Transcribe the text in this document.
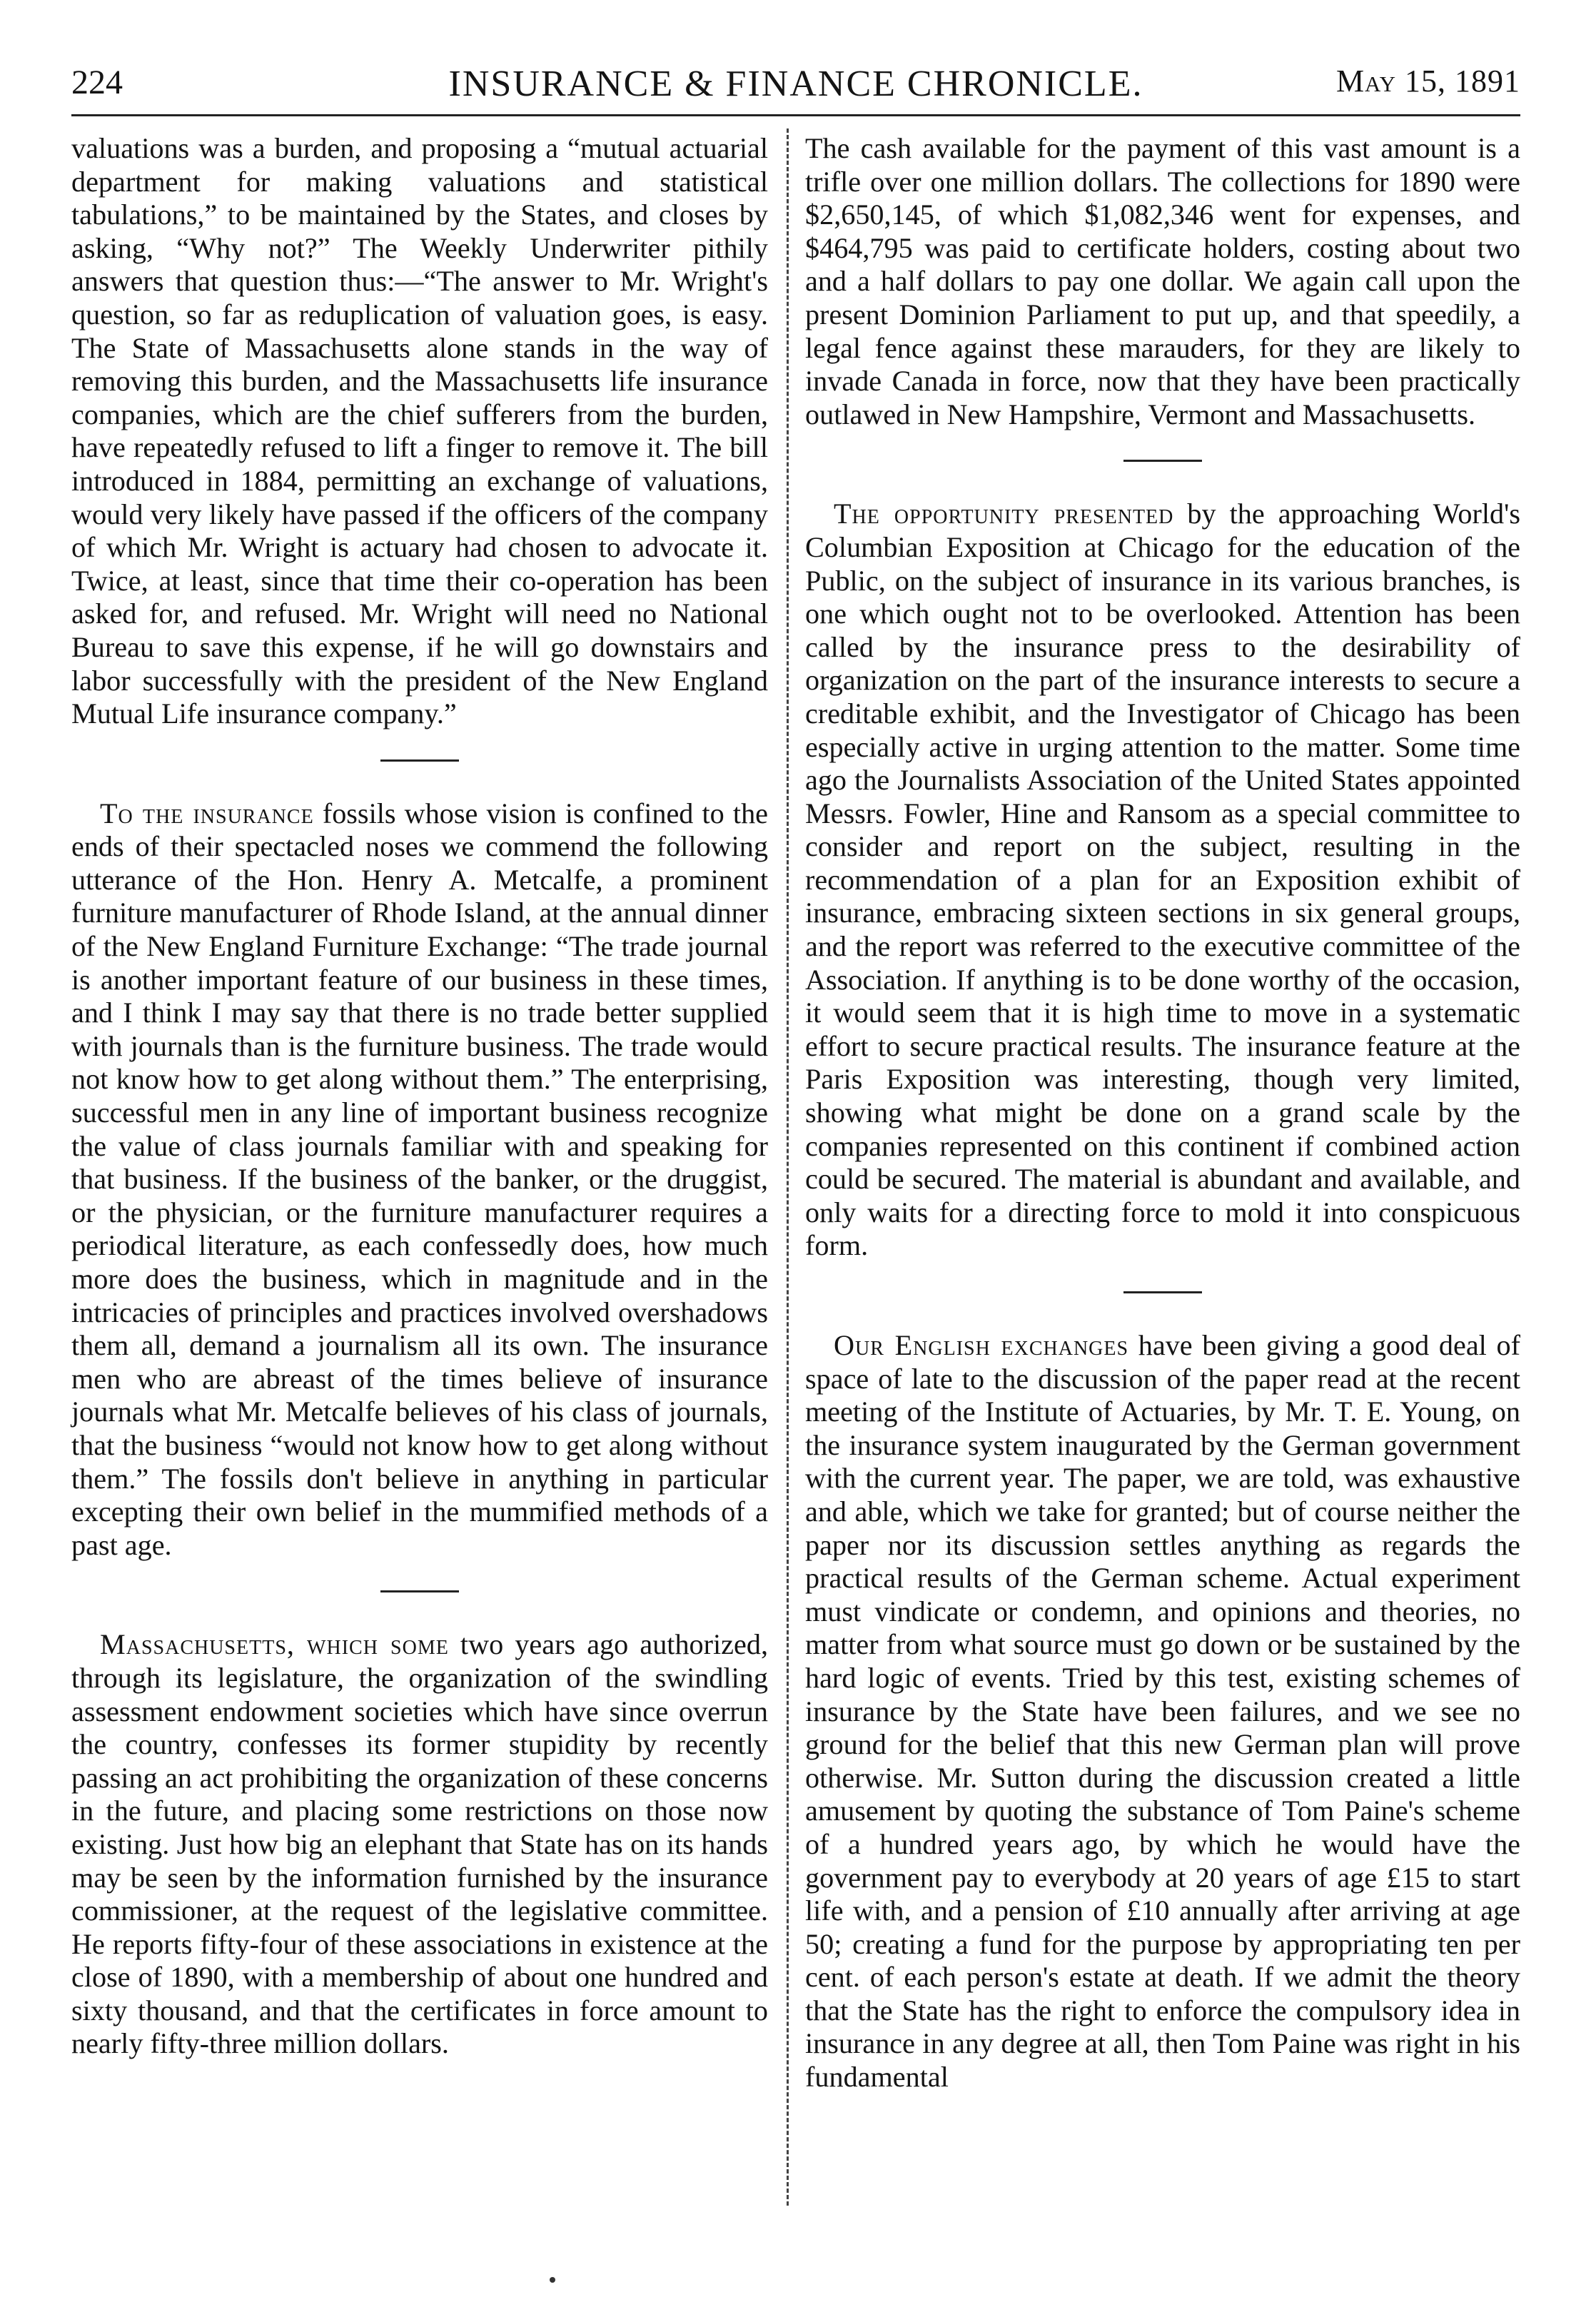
224	INSURANCE & FINANCE CHRONICLE.	May 15, 1891

valuations was a burden, and proposing a “mutual actuarial department for making valuations and statistical tabulations,” to be maintained by the States, and closes by asking, “Why not?” The Weekly Underwriter pithily answers that question thus:—“The answer to Mr. Wright's question, so far as reduplication of valuation goes, is easy. The State of Massachusetts alone stands in the way of removing this burden, and the Massachusetts life insurance companies, which are the chief sufferers from the burden, have repeatedly refused to lift a finger to remove it. The bill introduced in 1884, permitting an exchange of valuations, would very likely have passed if the officers of the company of which Mr. Wright is actuary had chosen to advocate it. Twice, at least, since that time their co-operation has been asked for, and refused. Mr. Wright will need no National Bureau to save this expense, if he will go downstairs and labor successfully with the president of the New England Mutual Life insurance company.”

To the insurance fossils whose vision is confined to the ends of their spectacled noses we commend the following utterance of the Hon. Henry A. Metcalfe, a prominent furniture manufacturer of Rhode Island, at the annual dinner of the New England Furniture Exchange: “The trade journal is another important feature of our business in these times, and I think I may say that there is no trade better supplied with journals than is the furniture business. The trade would not know how to get along without them.” The enterprising, successful men in any line of important business recognize the value of class journals familiar with and speaking for that business. If the business of the banker, or the druggist, or the physician, or the furniture manufacturer requires a periodical literature, as each confessedly does, how much more does the business, which in magnitude and in the intricacies of principles and practices involved overshadows them all, demand a journalism all its own. The insurance men who are abreast of the times believe of insurance journals what Mr. Metcalfe believes of his class of journals, that the business “would not know how to get along without them.” The fossils don't believe in anything in particular excepting their own belief in the mummified methods of a past age.

Massachusetts, which some two years ago authorized, through its legislature, the organization of the swindling assessment endowment societies which have since overrun the country, confesses its former stupidity by recently passing an act prohibiting the organization of these concerns in the future, and placing some restrictions on those now existing. Just how big an elephant that State has on its hands may be seen by the information furnished by the insurance commissioner, at the request of the legislative committee. He reports fifty-four of these associations in existence at the close of 1890, with a membership of about one hundred and sixty thousand, and that the certificates in force amount to nearly fifty-three million dollars.

The cash available for the payment of this vast amount is a trifle over one million dollars. The collections for 1890 were $2,650,145, of which $1,082,346 went for expenses, and $464,795 was paid to certificate holders, costing about two and a half dollars to pay one dollar. We again call upon the present Dominion Parliament to put up, and that speedily, a legal fence against these marauders, for they are likely to invade Canada in force, now that they have been practically outlawed in New Hampshire, Vermont and Massachusetts.

The opportunity presented by the approaching World's Columbian Exposition at Chicago for the education of the Public, on the subject of insurance in its various branches, is one which ought not to be overlooked. Attention has been called by the insurance press to the desirability of organization on the part of the insurance interests to secure a creditable exhibit, and the Investigator of Chicago has been especially active in urging attention to the matter. Some time ago the Journalists Association of the United States appointed Messrs. Fowler, Hine and Ransom as a special committee to consider and report on the subject, resulting in the recommendation of a plan for an Exposition exhibit of insurance, embracing sixteen sections in six general groups, and the report was referred to the executive committee of the Association. If anything is to be done worthy of the occasion, it would seem that it is high time to move in a systematic effort to secure practical results. The insurance feature at the Paris Exposition was interesting, though very limited, showing what might be done on a grand scale by the companies represented on this continent if combined action could be secured. The material is abundant and available, and only waits for a directing force to mold it into conspicuous form.

Our English exchanges have been giving a good deal of space of late to the discussion of the paper read at the recent meeting of the Institute of Actuaries, by Mr. T. E. Young, on the insurance system inaugurated by the German government with the current year. The paper, we are told, was exhaustive and able, which we take for granted; but of course neither the paper nor its discussion settles anything as regards the practical results of the German scheme. Actual experiment must vindicate or condemn, and opinions and theories, no matter from what source must go down or be sustained by the hard logic of events. Tried by this test, existing schemes of insurance by the State have been failures, and we see no ground for the belief that this new German plan will prove otherwise. Mr. Sutton during the discussion created a little amusement by quoting the substance of Tom Paine's scheme of a hundred years ago, by which he would have the government pay to everybody at 20 years of age £15 to start life with, and a pension of £10 annually after arriving at age 50; creating a fund for the purpose by appropriating ten per cent. of each person's estate at death. If we admit the theory that the State has the right to enforce the compulsory idea in insurance in any degree at all, then Tom Paine was right in his fundamental
